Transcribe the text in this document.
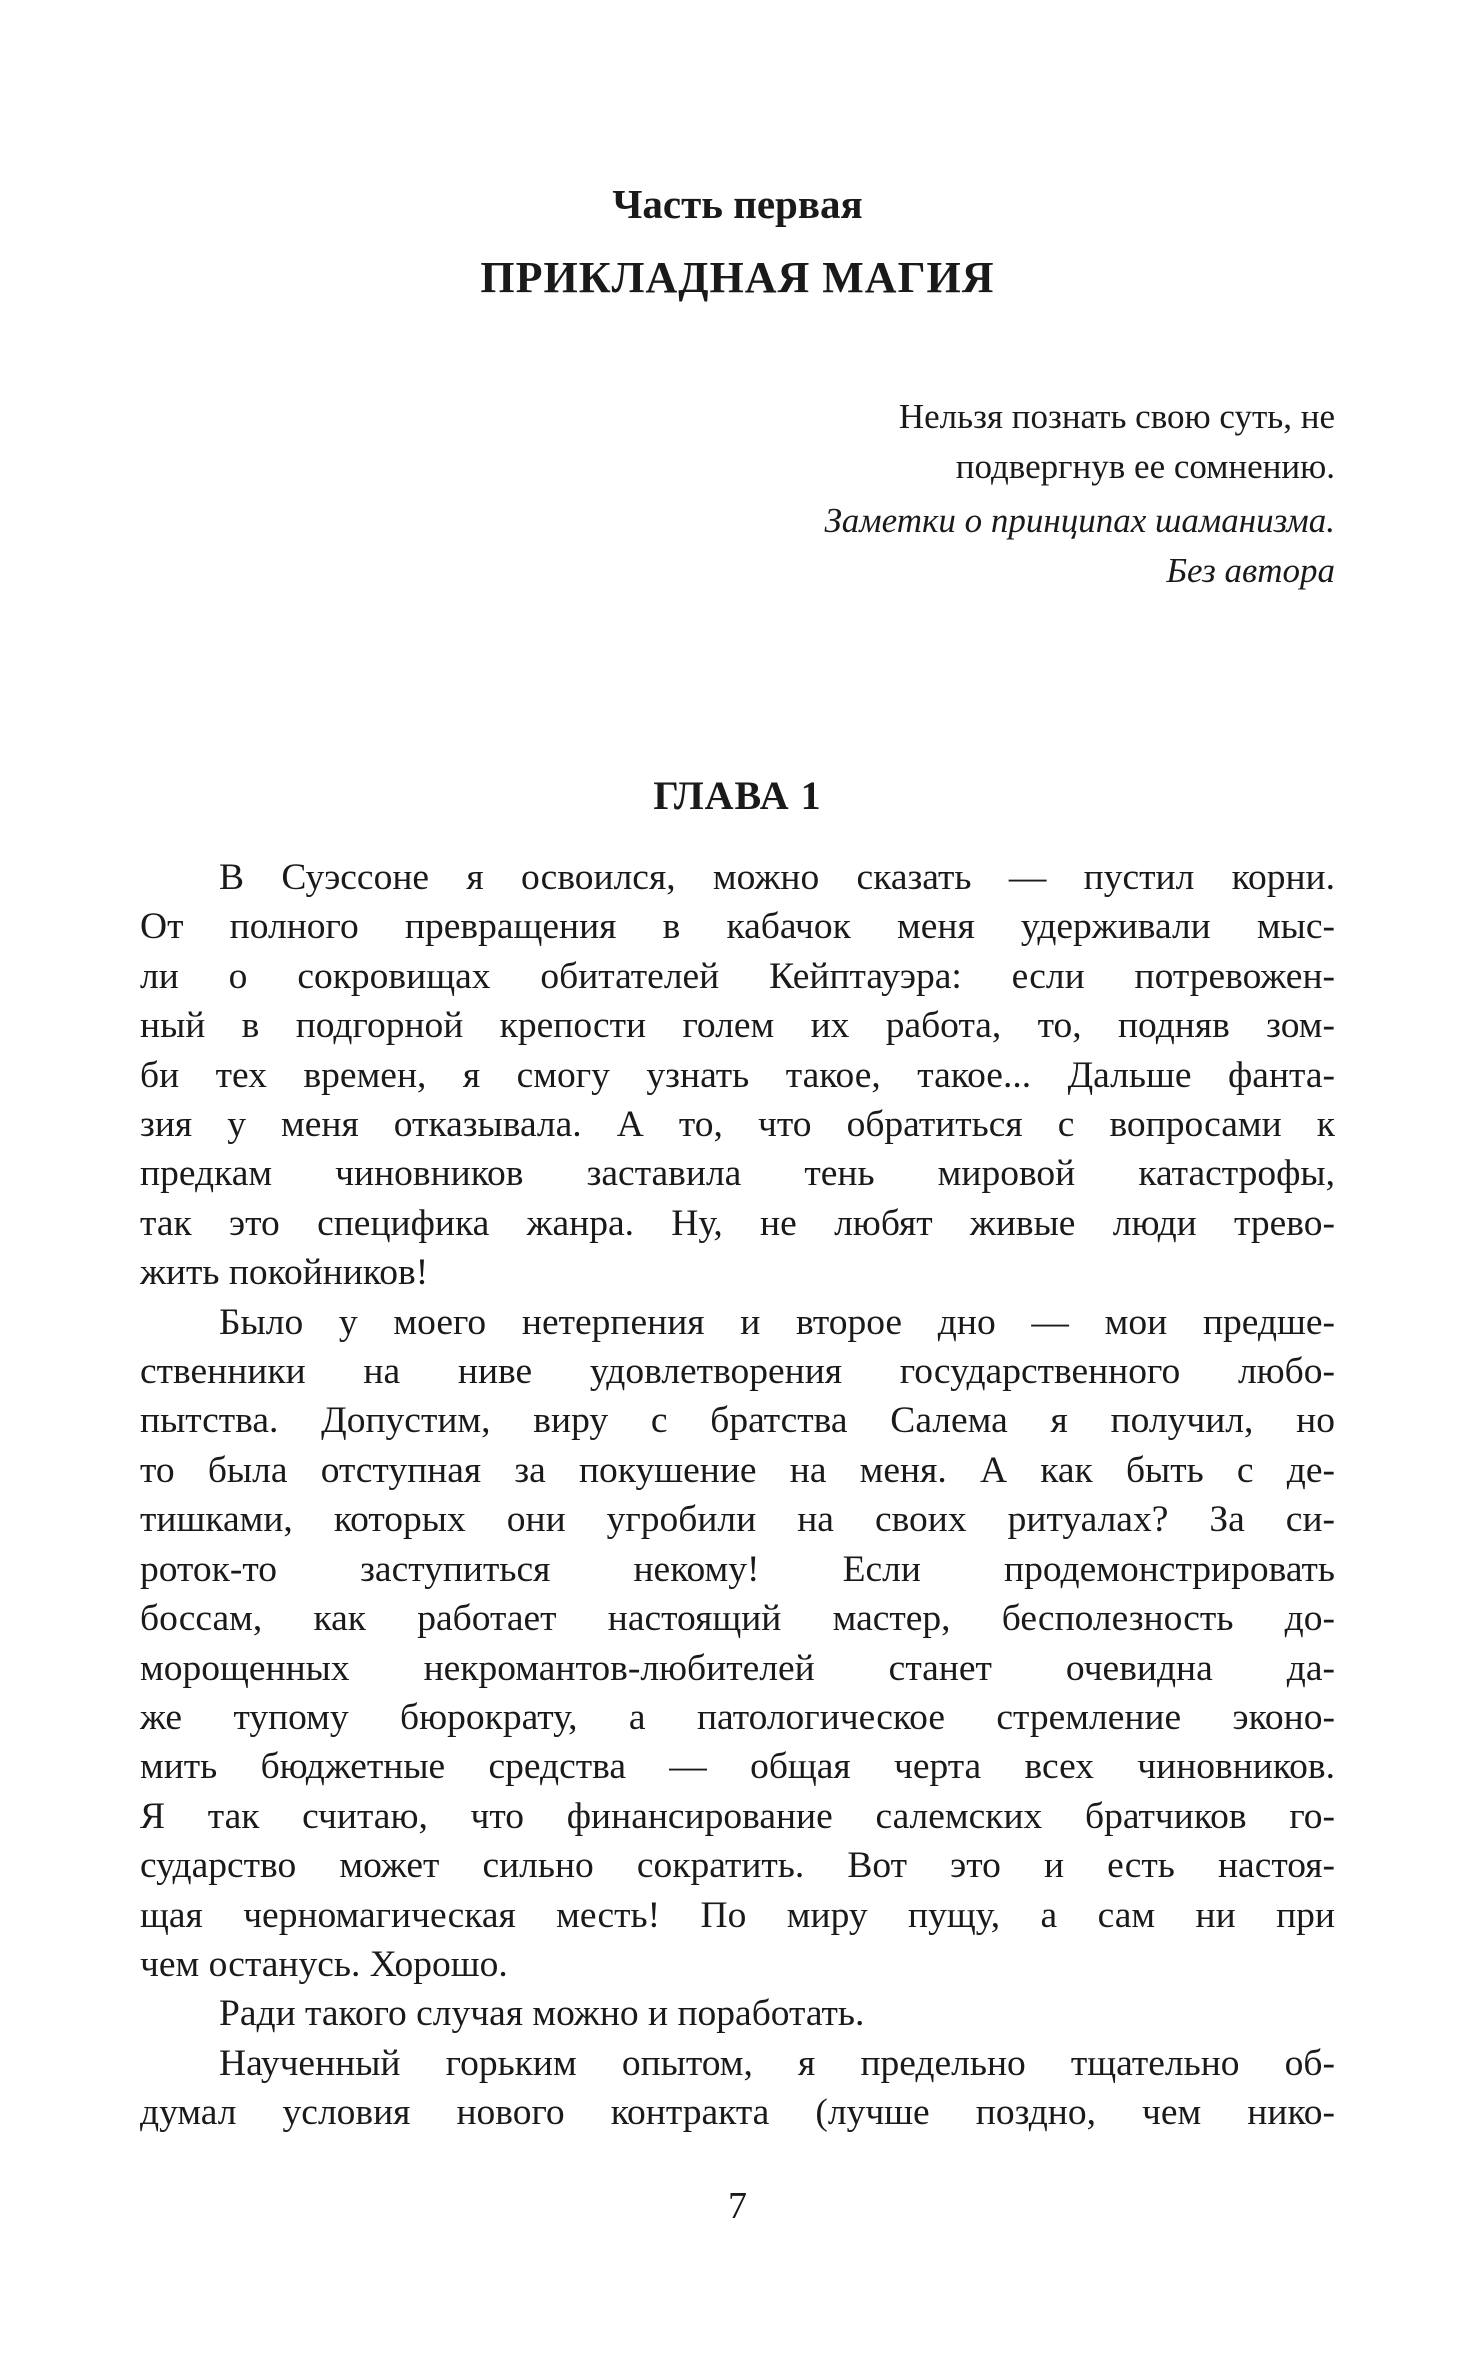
Часть первая
ПРИКЛАДНАЯ МАГИЯ
Нельзя познать свою суть, не
подвергнув ее сомнению.
Заметки о принципах шаманизма.
Без автора
ГЛАВА 1
В Суэссоне я освоился, можно сказать — пустил корни.
От полного превращения в кабачок меня удерживали мыс-
ли о сокровищах обитателей Кейптауэра: если потревожен-
ный в подгорной крепости голем их работа, то, подняв зом-
би тех времен, я смогу узнать такое, такое... Дальше фанта-
зия у меня отказывала. А то, что обратиться с вопросами к
предкам чиновников заставила тень мировой катастрофы,
так это специфика жанра. Ну, не любят живые люди трево-
жить покойников!
Было у моего нетерпения и второе дно — мои предше-
ственники на ниве удовлетворения государственного любо-
пытства. Допустим, виру с братства Салема я получил, но
то была отступная за покушение на меня. А как быть с де-
тишками, которых они угробили на своих ритуалах? За си-
роток-то заступиться некому! Если продемонстрировать
боссам, как работает настоящий мастер, бесполезность до-
морощенных некромантов-любителей станет очевидна да-
же тупому бюрократу, а патологическое стремление эконо-
мить бюджетные средства — общая черта всех чиновников.
Я так считаю, что финансирование салемских братчиков го-
сударство может сильно сократить. Вот это и есть настоя-
щая черномагическая месть! По миру пущу, а сам ни при
чем останусь. Хорошо.
Ради такого случая можно и поработать.
Наученный горьким опытом, я предельно тщательно об-
думал условия нового контракта (лучше поздно, чем нико-
7
